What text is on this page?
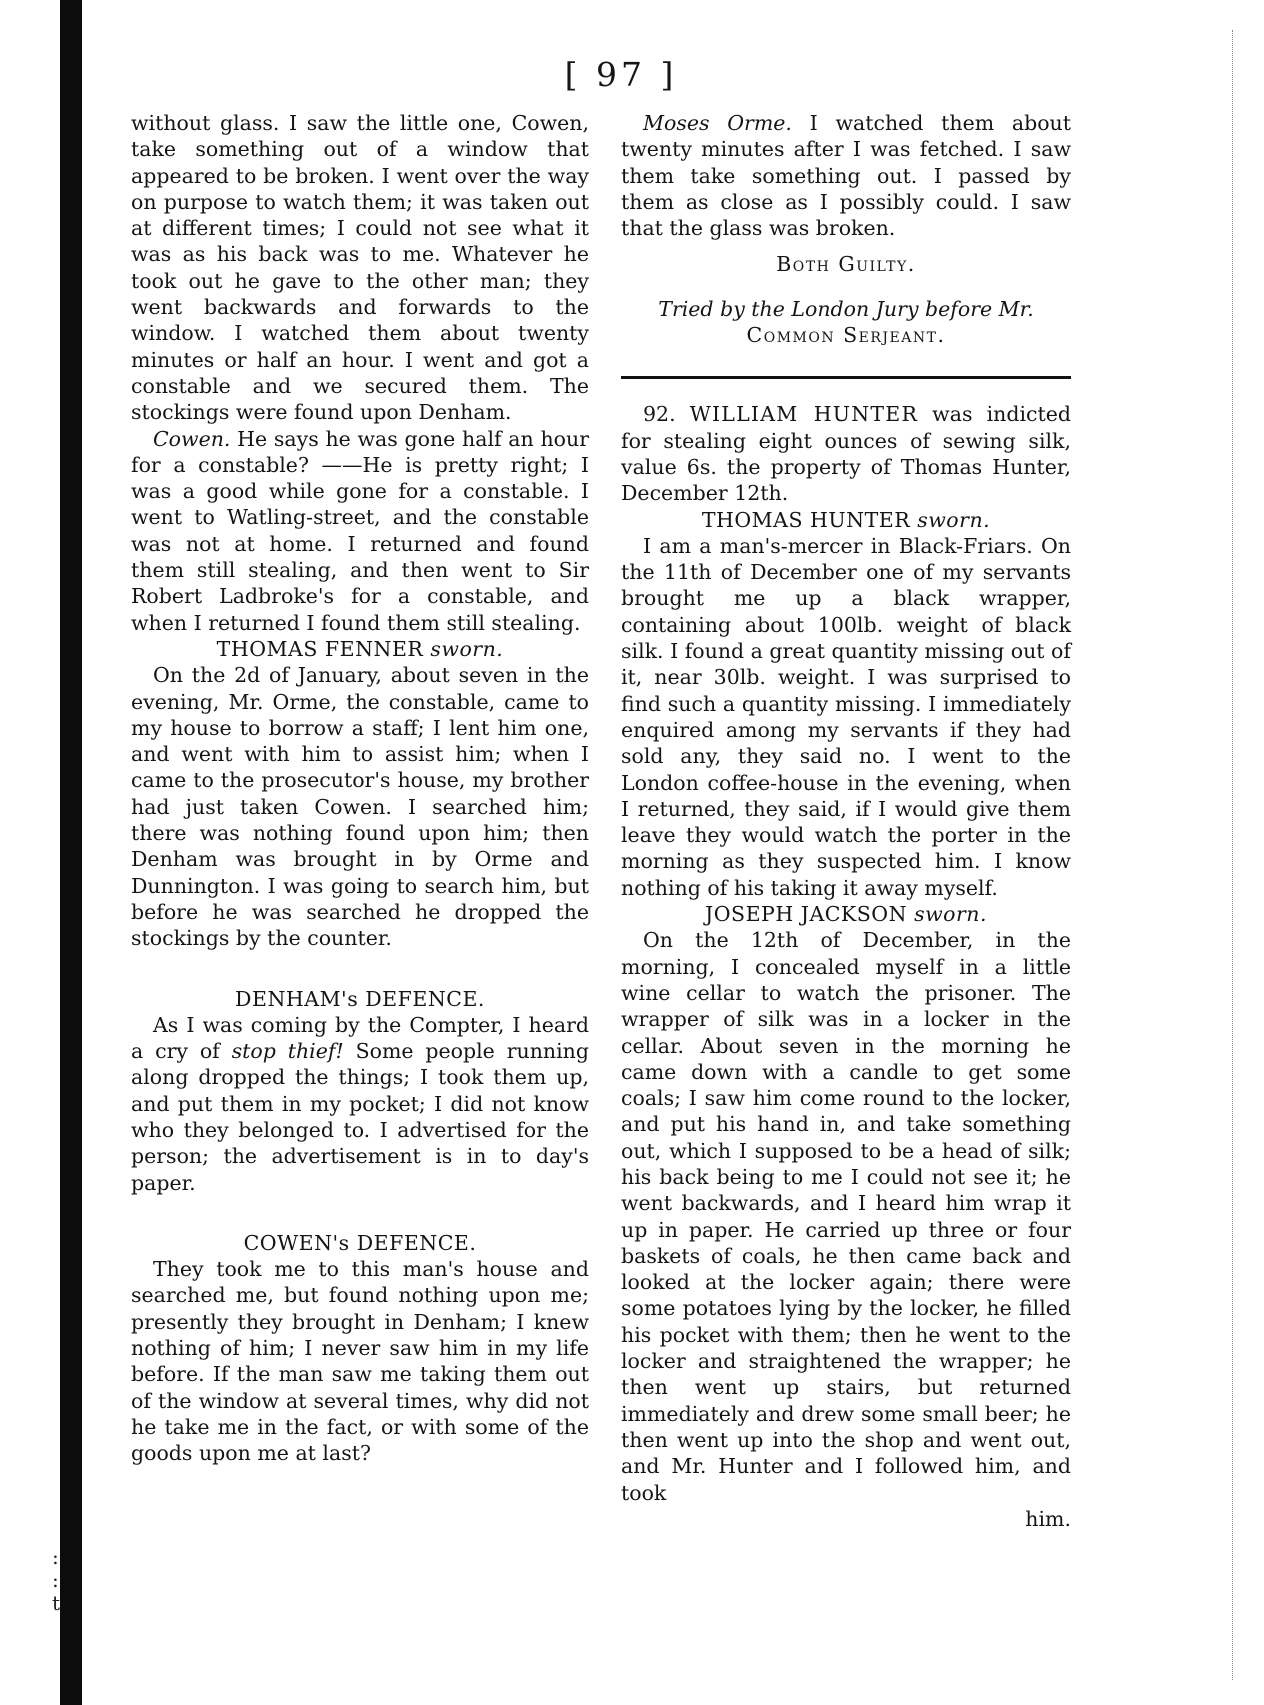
[ 97 ]

without glass. I saw the little one, Cowen, take something out of a window that appeared to be broken. I went over the way on purpose to watch them; it was taken out at different times; I could not see what it was as his back was to me. Whatever he took out he gave to the other man; they went backwards and forwards to the window. I watched them about twenty minutes or half an hour. I went and got a constable and we secured them. The stockings were found upon Denham.

Cowen. He says he was gone half an hour for a constable? ——He is pretty right; I was a good while gone for a constable. I went to Watling-street, and the constable was not at home. I returned and found them still stealing, and then went to Sir Robert Ladbroke's for a constable, and when I returned I found them still stealing.

THOMAS FENNER sworn.

On the 2d of January, about seven in the evening, Mr. Orme, the constable, came to my house to borrow a staff; I lent him one, and went with him to assist him; when I came to the prosecutor's house, my brother had just taken Cowen. I searched him; there was nothing found upon him; then Denham was brought in by Orme and Dunnington. I was going to search him, but before he was searched he dropped the stockings by the counter.

DENHAM's DEFENCE.

As I was coming by the Compter, I heard a cry of stop thief! Some people running along dropped the things; I took them up, and put them in my pocket; I did not know who they belonged to. I advertised for the person; the advertisement is in to day's paper.

COWEN's DEFENCE.

They took me to this man's house and searched me, but found nothing upon me; presently they brought in Denham; I knew nothing of him; I never saw him in my life before. If the man saw me taking them out of the window at several times, why did not he take me in the fact, or with some of the goods upon me at last?

Moses Orme. I watched them about twenty minutes after I was fetched. I saw them take something out. I passed by them as close as I possibly could. I saw that the glass was broken.

Both Guilty.

Tried by the London Jury before Mr.

Common Serjeant.

92. WILLIAM HUNTER was indicted for stealing eight ounces of sewing silk, value 6s. the property of Thomas Hunter, December 12th.

THOMAS HUNTER sworn.

I am a man's-mercer in Black-Friars. On the 11th of December one of my servants brought me up a black wrapper, containing about 100lb. weight of black silk. I found a great quantity missing out of it, near 30lb. weight. I was surprised to find such a quantity missing. I immediately enquired among my servants if they had sold any, they said no. I went to the London coffee-house in the evening, when I returned, they said, if I would give them leave they would watch the porter in the morning as they suspected him. I know nothing of his taking it away myself.

JOSEPH JACKSON sworn.

On the 12th of December, in the morning, I concealed myself in a little wine cellar to watch the prisoner. The wrapper of silk was in a locker in the cellar. About seven in the morning he came down with a candle to get some coals; I saw him come round to the locker, and put his hand in, and take something out, which I supposed to be a head of silk; his back being to me I could not see it; he went backwards, and I heard him wrap it up in paper. He carried up three or four baskets of coals, he then came back and looked at the locker again; there were some potatoes lying by the locker, he filled his pocket with them; then he went to the locker and straightened the wrapper; he then went up stairs, but returned immediately and drew some small beer; he then went up into the shop and went out, and Mr. Hunter and I followed him, and took

him.

:
:
t
